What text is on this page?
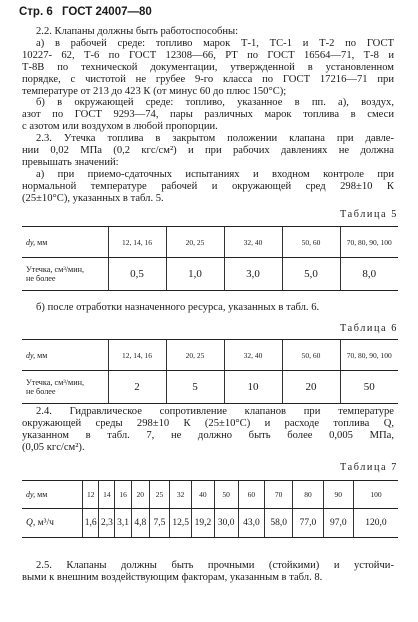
Стр. 6 ГОСТ 24007—80
2.2. Клапаны должны быть работоспособны:
а) в рабочей среде: топливо марок Т-1, ТС-1 и Т-2 по ГОСТ
10227- 62, Т-6 по ГОСТ 12308—66, РТ по ГОСТ 16564—71, Т-8 и
Т-8В по технической документации, утвержденной в установленном
порядке, с чистотой не грубее 9-го класса по ГОСТ 17216—71 при
температуре от 213 до 423 К (от минус 60 до плюс 150°С);
б) в окружающей среде: топливо, указанное в пп. а), воздух,
азот по ГОСТ 9293—74, пары различных марок топлива в смеси
с азотом или воздухом в любой пропорции.
2.3. Утечка топлива в закрытом положении клапана при давле-
нии 0,02 МПа (0,2 кгс/см²) и при рабочих давлениях не должна
превышать значений:
а) при приемо-сдаточных испытаниях и входном контроле при
нормальной температуре рабочей и окружающей сред 298±10 К
(25±10°С), указанных в табл. 5.
Таблица 5
dу, мм	12, 14, 16	20, 25	32, 40	50, 60	70, 80, 90, 100
Утечка, см³/мин,
не более	0,5	1,0	3,0	5,0	8,0
б) после отработки назначенного ресурса, указанных в табл. 6.
Таблица 6
dу, мм	12, 14, 16	20, 25	32, 40	50, 60	70, 80, 90, 100
Утечка, см³/мин,
не более	2	5	10	20	50
2.4. Гидравлическое сопротивление клапанов при температуре
окружающей среды 298±10 К (25±10°С) и расходе топлива Q,
указанном в табл. 7, не должно быть более 0,005 МПа,
(0,05 кгс/см²).
Таблица 7
dу, мм	12	14	16	20	25	32	40	50	60	70	80	90	100
Q, м³/ч	1,6	2,3	3,1	4,8	7,5	12,5	19,2	30,0	43,0	58,0	77,0	97,0	120,0
2.5. Клапаны должны быть прочными (стойкими) и устойчи-
выми к внешним воздействующим факторам, указанным в табл. 8.
